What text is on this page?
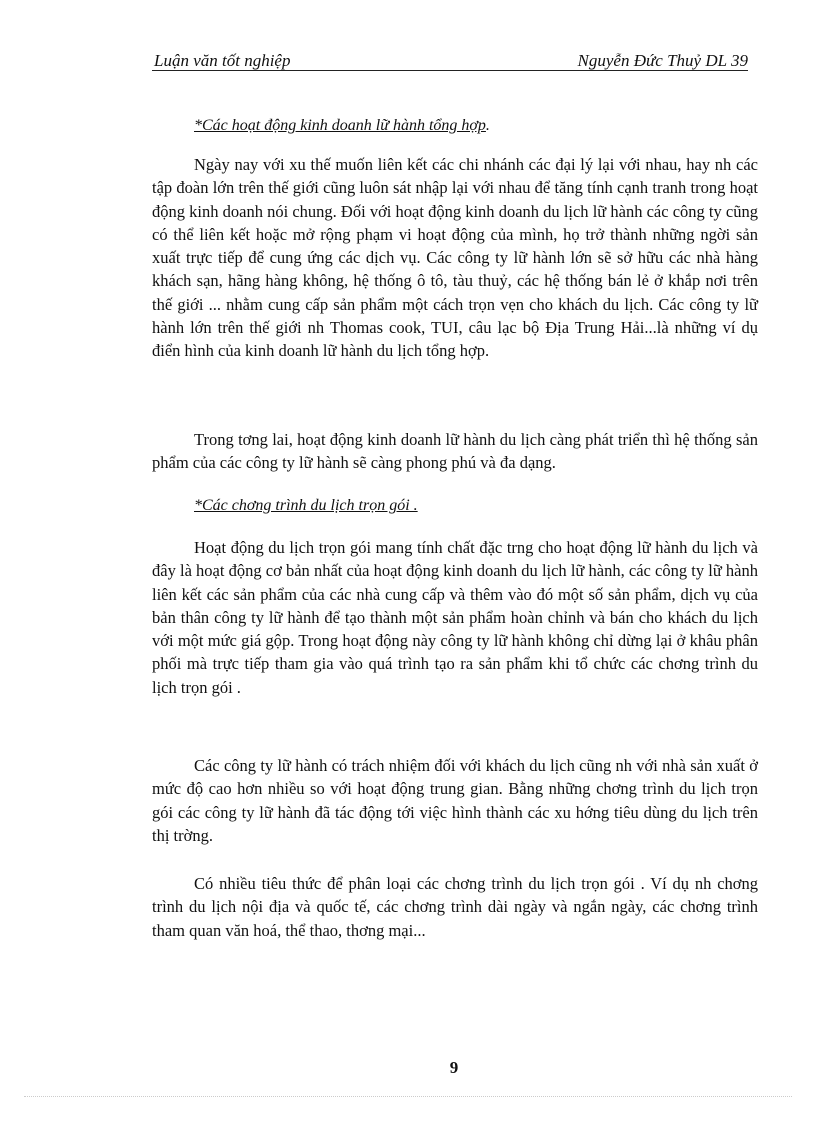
Luận văn tốt nghiệp	Nguyễn Đức Thuỷ DL 39
*Các hoạt động kinh doanh lữ hành tổng hợp.

Ngày nay với xu thế muốn liên kết các chi nhánh các đại lý lại với nhau, hay nh các tập đoàn lớn trên thế giới cũng luôn sát nhập lại với nhau để tăng tính cạnh tranh trong hoạt động kinh doanh nói chung. Đối với hoạt động kinh doanh du lịch lữ hành các công ty cũng có thể liên kết hoặc mở rộng phạm vi hoạt động của mình, họ trở thành những ngời sản xuất trực tiếp để cung ứng các dịch vụ. Các công ty lữ hành lớn sẽ sở hữu các nhà hàng khách sạn, hãng hàng không, hệ thống ô tô, tàu thuỷ, các hệ thống bán lẻ ở khắp nơi trên thế giới ... nhằm cung cấp sản phẩm một cách trọn vẹn cho khách du lịch. Các công ty lữ hành lớn trên thế giới nh Thomas cook, TUI, câu lạc bộ Địa Trung Hải...là những ví dụ điển hình của kinh doanh lữ hành du lịch tổng hợp.

Trong tơng lai, hoạt động kinh doanh lữ hành du lịch càng phát triển thì hệ thống sản phẩm của các công ty lữ hành sẽ càng phong phú và đa dạng.

*Các chơng trình du lịch trọn gói .

Hoạt động du lịch trọn gói mang tính chất đặc trng cho hoạt động lữ hành du lịch và đây là hoạt động cơ bản nhất của hoạt động kinh doanh du lịch lữ hành, các công ty lữ hành liên kết các sản phẩm của các nhà cung cấp và thêm vào đó một số sản phẩm, dịch vụ của bản thân công ty lữ hành để tạo thành một sản phẩm hoàn chỉnh và bán cho khách du lịch với một mức giá gộp. Trong hoạt động này công ty lữ hành không chỉ dừng lại ở khâu phân phối mà trực tiếp tham gia vào quá trình tạo ra sản phẩm khi tổ chức các chơng trình du lịch trọn gói .

Các công ty lữ hành có trách nhiệm đối với khách du lịch cũng nh với nhà sản xuất ở mức độ cao hơn nhiều so với hoạt động trung gian. Bằng những chơng trình du lịch trọn gói các công ty lữ hành đã tác động tới việc hình thành các xu hớng tiêu dùng du lịch trên thị trờng.

Có nhiều tiêu thức để phân loại các chơng trình du lịch trọn gói . Ví dụ nh chơng trình du lịch nội địa và quốc tế, các chơng trình dài ngày và ngắn ngày, các chơng trình tham quan văn hoá, thể thao, thơng mại...

9
